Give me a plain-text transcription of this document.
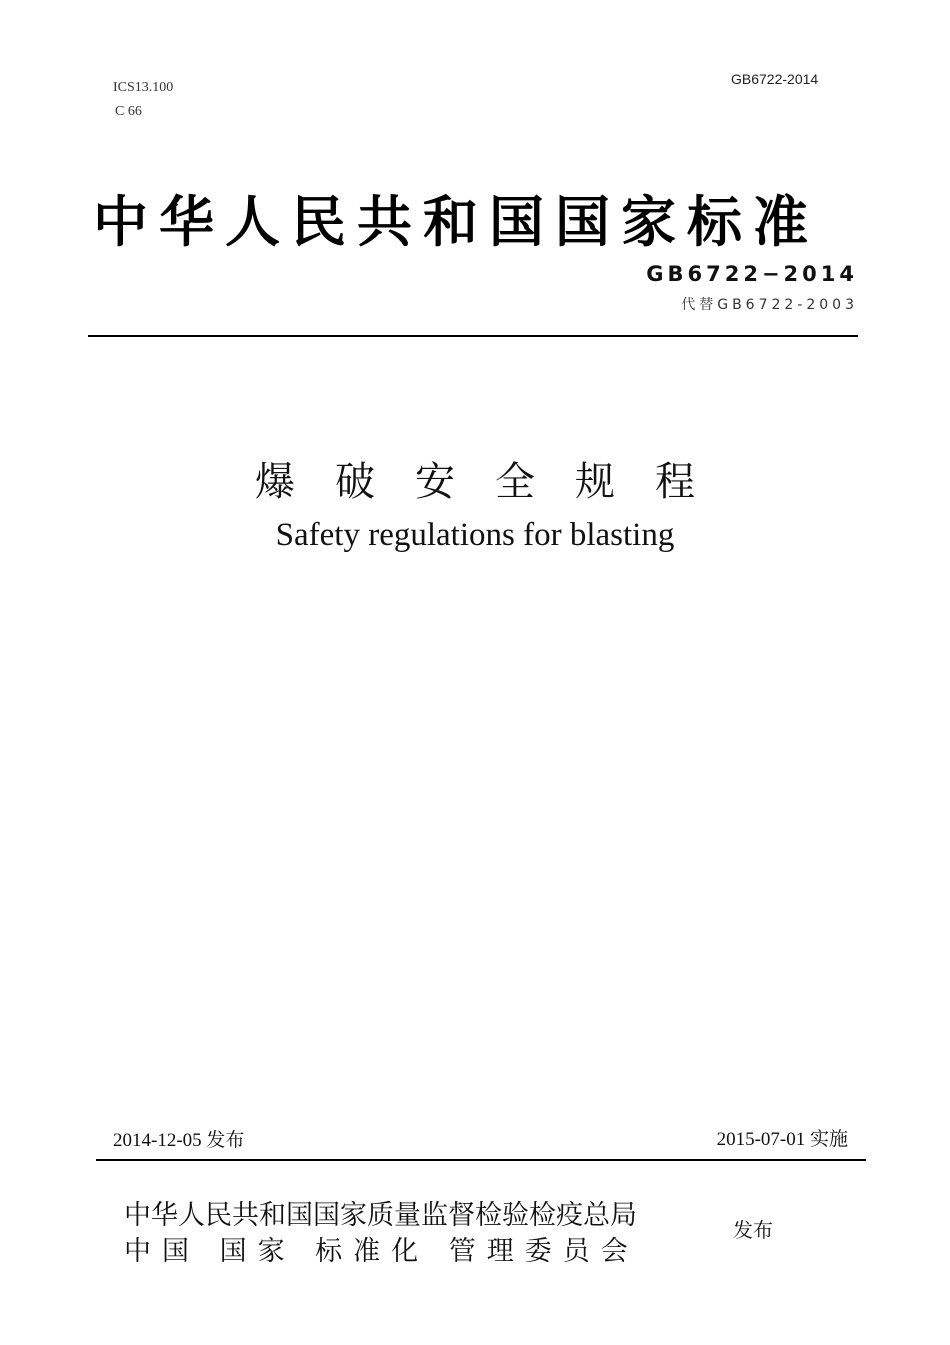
ICS13.100
C 66
GB6722-2014
中华人民共和国国家标准
GB6722−2014
代替GB6722-2003
爆破安全规程
Safety regulations for blasting
2014-12-05 发布	2015-07-01 实施
中华人民共和国国家质量监督检验检疫总局
中国 国家 标准化 管理委员会
发布
